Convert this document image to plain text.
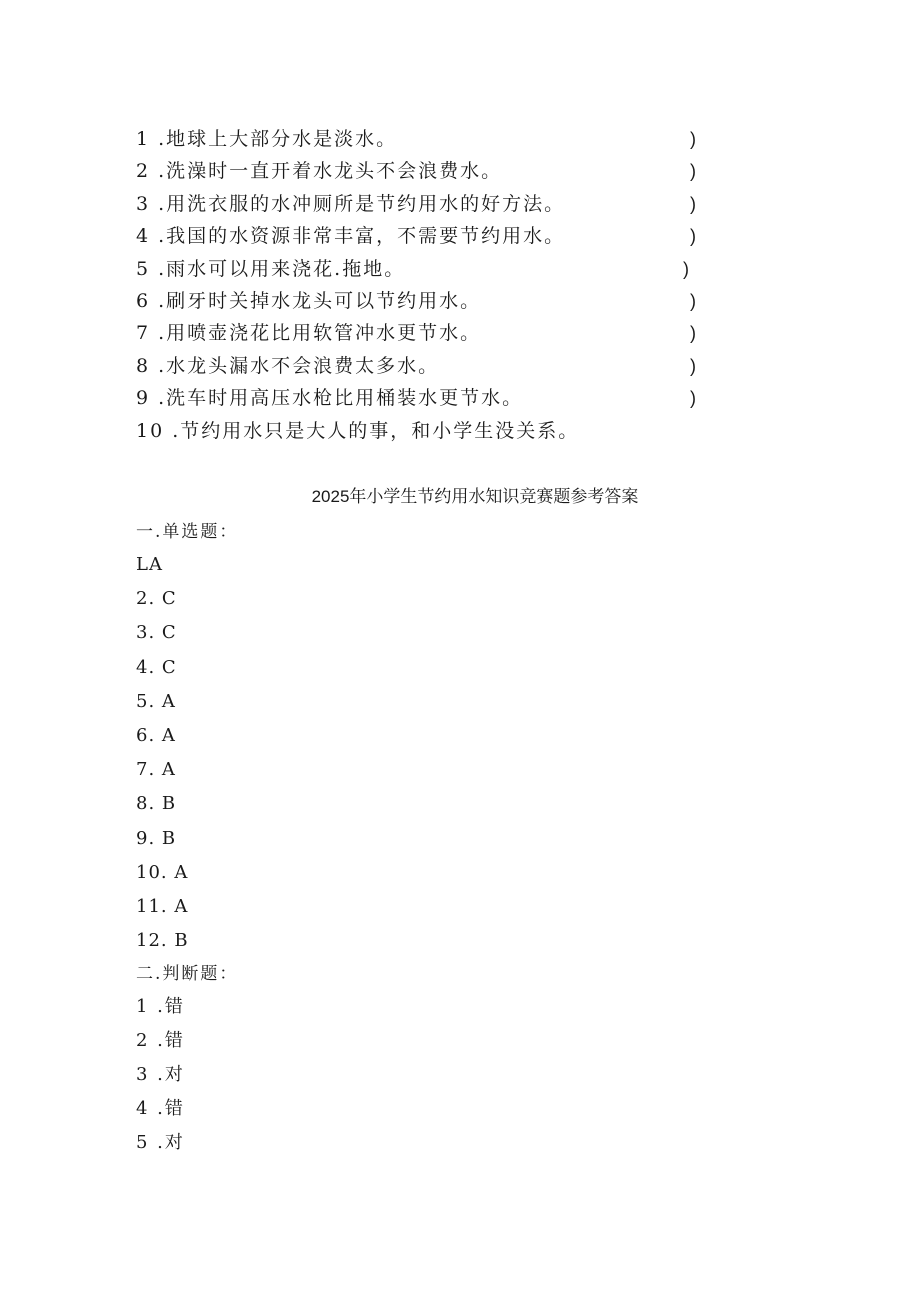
1 .地球上大部分水是淡水。	)
2 .洗澡时一直开着水龙头不会浪费水。	)
3 .用洗衣服的水冲厕所是节约用水的好方法。	)
4 .我国的水资源非常丰富，不需要节约用水。	)
5 .雨水可以用来浇花.拖地。	)
6 .刷牙时关掉水龙头可以节约用水。	)
7 .用喷壶浇花比用软管冲水更节水。	)
8 .水龙头漏水不会浪费太多水。	)
9 .洗车时用高压水枪比用桶装水更节水。	)
10 .节约用水只是大人的事，和小学生没关系。
2025年小学生节约用水知识竞赛题参考答案
一.单选题：
LA
2. C
3. C
4. C
5. A
6. A
7. A
8. B
9. B
10. A
11. A
12. B
二.判断题：
1 .错
2 .错
3 .对
4 .错
5 .对
